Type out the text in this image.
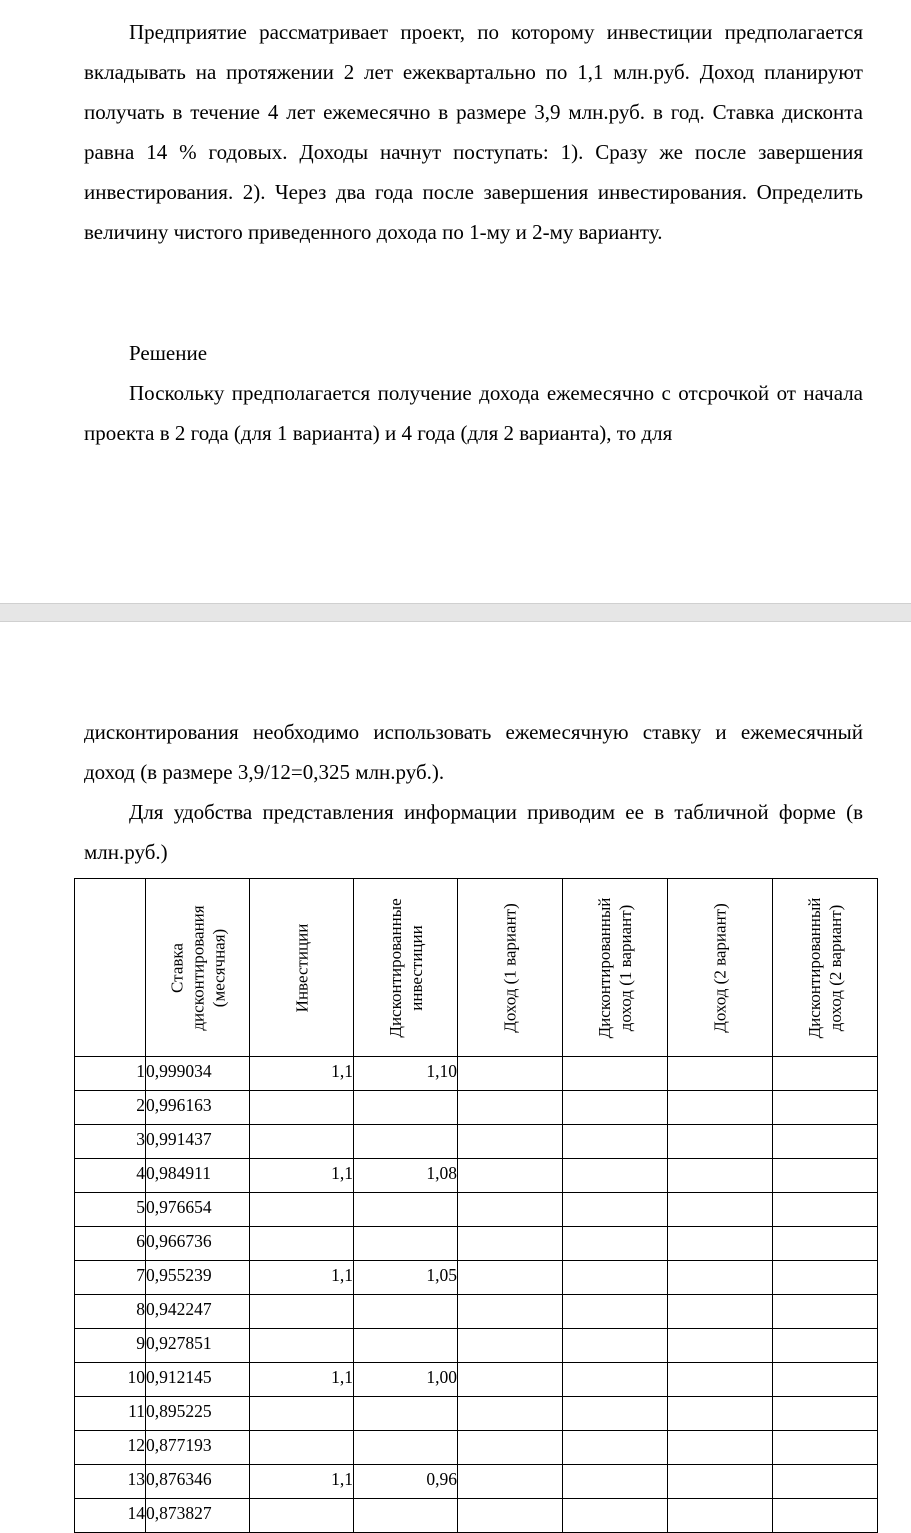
Предприятие рассматривает проект, по которому инвестиции предполагается вкладывать на протяжении 2 лет ежеквартально по 1,1 млн.руб. Доход планируют получать в течение 4 лет ежемесячно в размере 3,9 млн.руб. в год. Ставка дисконта равна 14 % годовых. Доходы начнут поступать: 1). Сразу же после завершения инвестирования. 2). Через два года после завершения инвестирования. Определить величину чистого приведенного дохода по 1-му и 2-му варианту.

Решение

Поскольку предполагается получение дохода ежемесячно с отсрочкой от начала проекта в 2 года (для 1 варианта) и 4 года (для 2 варианта), то для

дисконтирования необходимо использовать ежемесячную ставку и ежемесячный доход (в размере 3,9/12=0,325 млн.руб.).

Для удобства представления информации приводим ее в табличной форме (в млн.руб.)

	Ставка дисконтирования (месячная)	Инвестиции	Дисконтированные инвестиции	Доход (1 вариант)	Дисконтированный доход (1 вариант)	Доход (2 вариант)	Дисконтированный доход (2 вариант)

1	0,999034	1,1	1,10				
2	0,996163						
3	0,991437						
4	0,984911	1,1	1,08				
5	0,976654						
6	0,966736						
7	0,955239	1,1	1,05				
8	0,942247						
9	0,927851						
10	0,912145	1,1	1,00				
11	0,895225						
12	0,877193						
13	0,876346	1,1	0,96				
14	0,873827						
